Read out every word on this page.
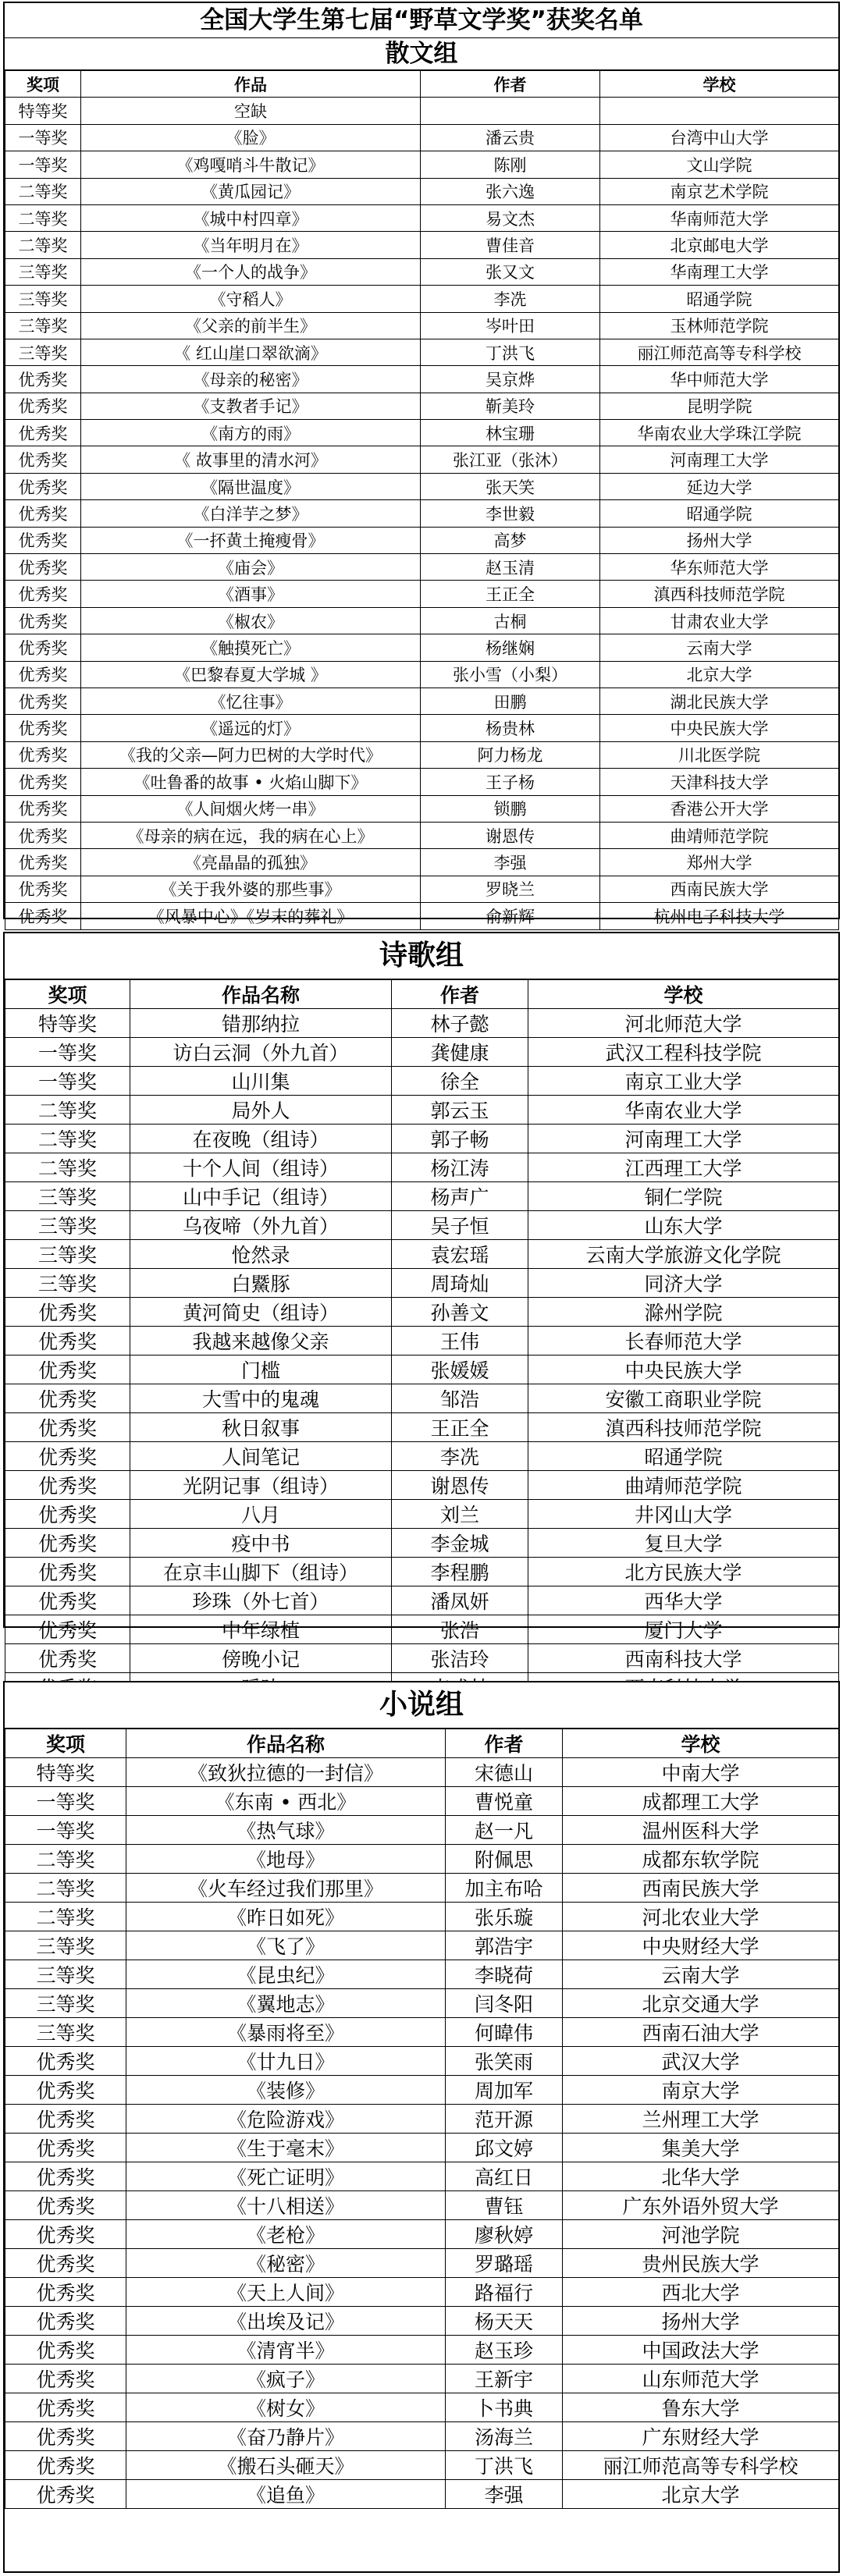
全国大学生第七届“野草文学奖”获奖名单
散文组
奖项	作品	作者	学校
特等奖	空缺		
一等奖	《脸》	潘云贵	台湾中山大学
一等奖	《鸡嘎哨斗牛散记》	陈刚	文山学院
二等奖	《黄瓜园记》	张六逸	南京艺术学院
二等奖	《城中村四章》	易文杰	华南师范大学
二等奖	《当年明月在》	曹佳音	北京邮电大学
三等奖	《一个人的战争》	张又文	华南理工大学
三等奖	《守稻人》	李冼	昭通学院
三等奖	《父亲的前半生》	岑叶田	玉林师范学院
三等奖	《 红山崖口翠欲滴》	丁洪飞	丽江师范高等专科学校
优秀奖	《母亲的秘密》	吴京烨	华中师范大学
优秀奖	《支教者手记》	靳美玲	昆明学院
优秀奖	《南方的雨》	林宝珊	华南农业大学珠江学院
优秀奖	《 故事里的清水河》	张江亚（张沐）	河南理工大学
优秀奖	《隔世温度》	张天笑	延边大学
优秀奖	《白洋芋之梦》	李世毅	昭通学院
优秀奖	《一抔黄土掩瘦骨》	高梦	扬州大学
优秀奖	《庙会》	赵玉清	华东师范大学
优秀奖	《酒事》	王正全	滇西科技师范学院
优秀奖	《椒农》	古桐	甘肃农业大学
优秀奖	《触摸死亡》	杨继娴	云南大学
优秀奖	《巴黎春夏大学城 》	张小雪（小梨）	北京大学
优秀奖	《忆往事》	田鹏	湖北民族大学
优秀奖	《遥远的灯》	杨贵林	中央民族大学
优秀奖	《我的父亲—阿力巴树的大学时代》	阿力杨龙	川北医学院
优秀奖	《吐鲁番的故事 • 火焰山脚下》	王子杨	天津科技大学
优秀奖	《人间烟火烤一串》	锁鹏	香港公开大学
优秀奖	《母亲的病在远，我的病在心上》	谢恩传	曲靖师范学院
优秀奖	《亮晶晶的孤独》	李强	郑州大学
优秀奖	《关于我外婆的那些事》	罗晓兰	西南民族大学
优秀奖	《风暴中心》《岁末的葬礼》	俞新辉	杭州电子科技大学
诗歌组
奖项	作品名称	作者	学校
特等奖	错那纳拉	林子懿	河北师范大学
一等奖	访白云洞（外九首）	龚健康	武汉工程科技学院
一等奖	山川集	徐全	南京工业大学
二等奖	局外人	郭云玉	华南农业大学
二等奖	在夜晚（组诗）	郭子畅	河南理工大学
二等奖	十个人间（组诗）	杨江涛	江西理工大学
三等奖	山中手记（组诗）	杨声广	铜仁学院
三等奖	乌夜啼（外九首）	吴子恒	山东大学
三等奖	怆然录	袁宏瑶	云南大学旅游文化学院
三等奖	白鱀豚	周琦灿	同济大学
优秀奖	黄河简史（组诗）	孙善文	滁州学院
优秀奖	我越来越像父亲	王伟	长春师范大学
优秀奖	门槛	张媛媛	中央民族大学
优秀奖	大雪中的鬼魂	邹浩	安徽工商职业学院
优秀奖	秋日叙事	王正全	滇西科技师范学院
优秀奖	人间笔记	李冼	昭通学院
优秀奖	光阴记事（组诗）	谢恩传	曲靖师范学院
优秀奖	八月	刘兰	井冈山大学
优秀奖	疫中书	李金城	复旦大学
优秀奖	在京丰山脚下（组诗）	李程鹏	北方民族大学
优秀奖	珍珠（外七首）	潘凤妍	西华大学
优秀奖	中年绿植	张浩	厦门大学
优秀奖	傍晚小记	张洁玲	西南科技大学

小说组
奖项	作品名称	作者	学校
特等奖	《致狄拉德的一封信》	宋德山	中南大学
一等奖	《东南 • 西北》	曹悦童	成都理工大学
一等奖	《热气球》	赵一凡	温州医科大学
二等奖	《地母》	附佩思	成都东软学院
二等奖	《火车经过我们那里》	加主布哈	西南民族大学
二等奖	《昨日如死》	张乐璇	河北农业大学
三等奖	《飞了》	郭浩宇	中央财经大学
三等奖	《昆虫纪》	李晓荷	云南大学
三等奖	《翼地志》	闫冬阳	北京交通大学
三等奖	《暴雨将至》	何暐伟	西南石油大学
优秀奖	《廿九日》	张笑雨	武汉大学
优秀奖	《装修》	周加军	南京大学
优秀奖	《危险游戏》	范开源	兰州理工大学
优秀奖	《生于毫末》	邱文婷	集美大学
优秀奖	《死亡证明》	高红日	北华大学
优秀奖	《十八相送》	曹钰	广东外语外贸大学
优秀奖	《老枪》	廖秋婷	河池学院
优秀奖	《秘密》	罗璐瑶	贵州民族大学
优秀奖	《天上人间》	路福行	西北大学
优秀奖	《出埃及记》	杨天天	扬州大学
优秀奖	《清宵半》	赵玉珍	中国政法大学
优秀奖	《疯子》	王新宇	山东师范大学
优秀奖	《树女》	卜书典	鲁东大学
优秀奖	《奋乃静片》	汤海兰	广东财经大学
优秀奖	《搬石头砸天》	丁洪飞	丽江师范高等专科学校
优秀奖	《追鱼》	李强	北京大学
